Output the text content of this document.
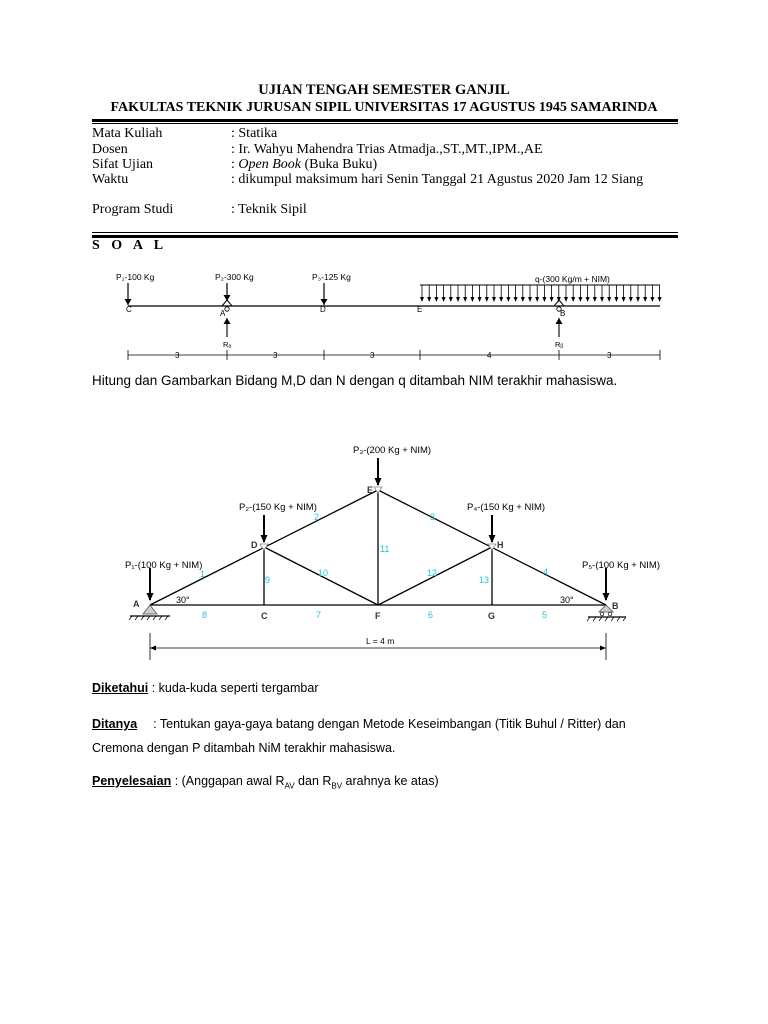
UJIAN TENGAH SEMESTER GANJIL
FAKULTAS TEKNIK JURUSAN SIPIL UNIVERSITAS 17 AGUSTUS 1945 SAMARINDA
Mata Kuliah	: Statika
Dosen	: Ir. Wahyu Mahendra Trias Atmadja.,ST.,MT.,IPM.,AE
Sifat Ujian	: Open Book (Buka Buku)
Waktu	: dikumpul maksimum hari Senin Tanggal 21 Agustus 2020 Jam 12 Siang
Program Studi	: Teknik Sipil
S O A L
P₁-100 Kg	P₂-300 Kg	P₃-125 Kg	q-(300 Kg/m + NIM)
C	A	D	E	B
Rₐ	Rᵦ
3	3	3	4	3
Hitung dan Gambarkan Bidang M,D dan N dengan q ditambah NIM terakhir mahasiswa.
P₁-(100 Kg + NIM)
P₂-(150 Kg + NIM)
P₃-(200 Kg + NIM)
P₄-(150 Kg + NIM)
P₅-(100 Kg + NIM)
A	B
C
D
E
F	G
H
1
2	3
4
5
6
7
8
9
10
11
12
13
30°	30°
L = 4 m
Diketahui : kuda-kuda seperti tergambar
Ditanya : Tentukan gaya-gaya batang dengan Metode Keseimbangan (Titik Buhul / Ritter) dan
Cremona dengan P ditambah NiM terakhir mahasiswa.
Penyelesaian : (Anggapan awal $R_{AV}$ dan $R_{BV}$ arahnya ke atas)
